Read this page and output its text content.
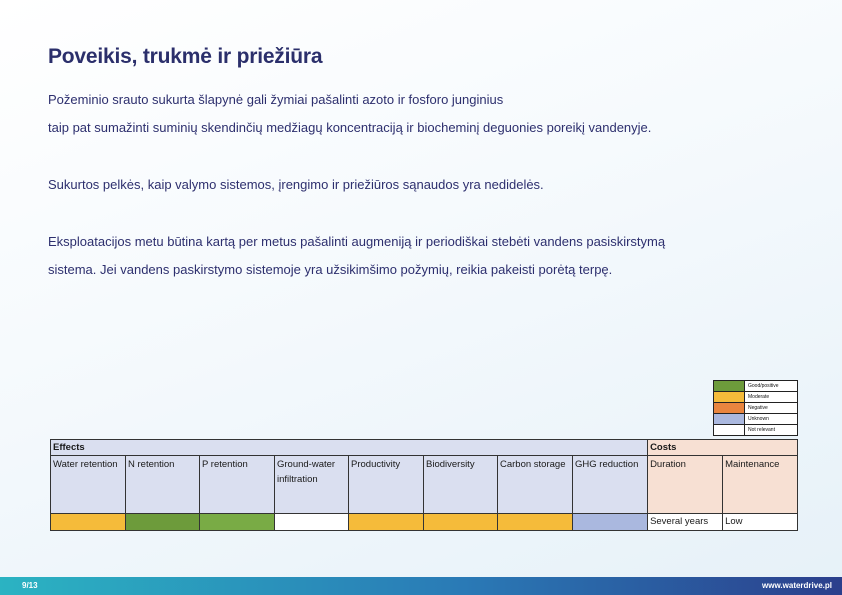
Poveikis, trukmė ir priežiūra
Požeminio srauto sukurta šlapynė gali žymiai pašalinti azoto ir fosforo junginius
taip pat sumažinti suminių skendinčių medžiagų koncentraciją ir biocheminį deguonies poreikį vandenyje.
Sukurtos pelkės, kaip valymo sistemos, įrengimo ir priežiūros sąnaudos yra nedidelės.
Eksploatacijos metu būtina kartą per metus pašalinti augmeniją ir periodiškai stebėti vandens pasiskirstymą
sistema. Jei vandens paskirstymo sistemoje yra užsikimšimo požymių, reikia pakeisti porėtą terpę.
Good/positive
Moderate
Negative
Unknown
Not relevant
Effects								Costs	
Water retention	N retention	P retention	Ground-water infiltration	Productivity	Biodiversity	Carbon storage	GHG reduction	Duration	Maintenance
								Several years	Low
9/13	www.waterdrive.pl
